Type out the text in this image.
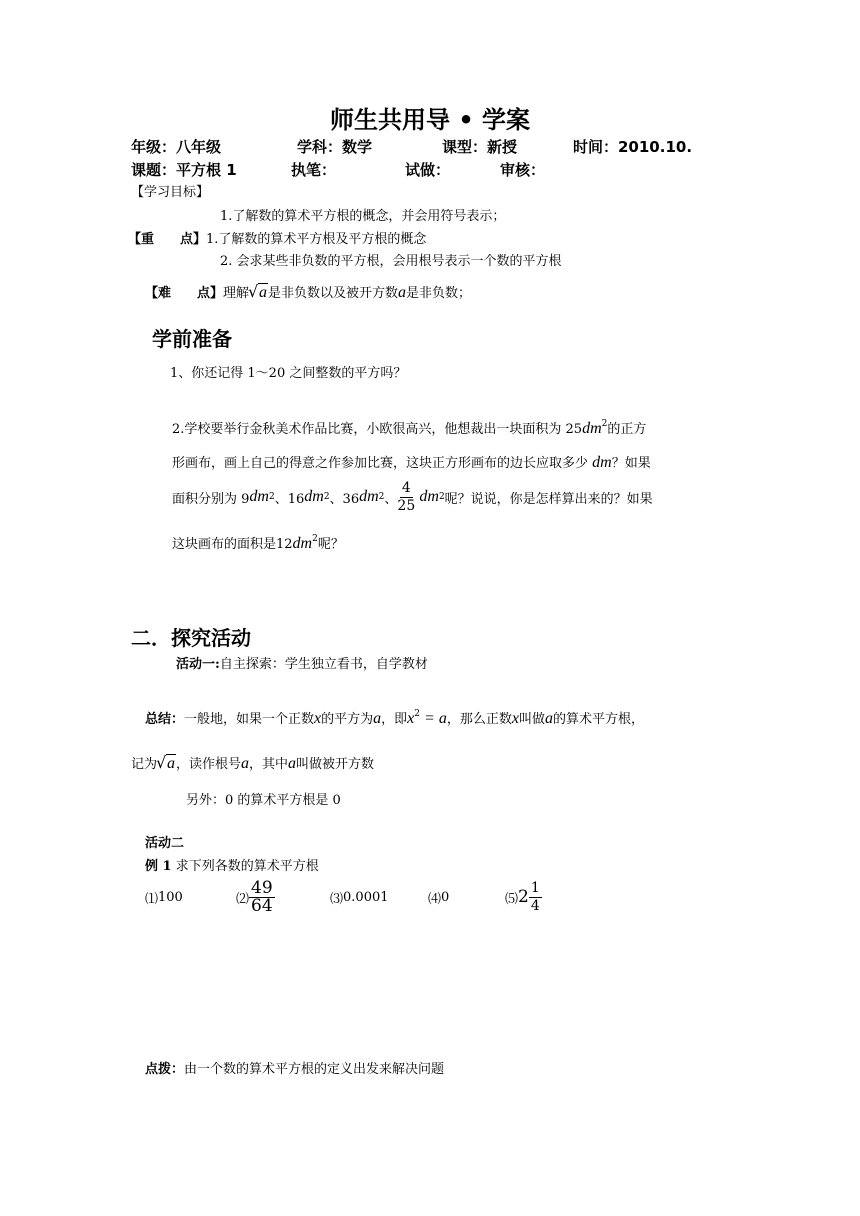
师生共用导 • 学案
年级：八年级	学科：数学	课型：新授	时间：2010.10.
课题：平方根 1	执笔：	试做：	审核：
【学习目标】
1.了解数的算术平方根的概念，并会用符号表示；
【重　　点】1.了解数的算术平方根及平方根的概念
2. 会求某些非负数的平方根，会用根号表示一个数的平方根
【难　　点】理解 √ a是非负数以及被开方数a是非负数；
学前准备
1、你还记得 1～20 之间整数的平方吗？
2.学校要举行金秋美术作品比赛，小欧很高兴，他想裁出一块面积为 $25dm^2$的正方
形画布，画上自己的得意之作参加比赛，这块正方形画布的边长应取多少 dm？如果
面积分别为 9 dm 2 、16 dm 2 、36 dm 2 、 $\frac{4}{25}$
dm 2 呢？说说，你是怎样算出来的？如果
这块画布的面积是$12dm^2$呢？
二．探究活动
活动一:自主探索：学生独立看书，自学教材
总结：一般地，如果一个正数x的平方为a，即$x^2 = a$，那么正数x叫做a的算术平方根，
记为 √ a，读作根号a，其中a叫做被开方数
另外：0 的算术平方根是 0
活动二
例 1 求下列各数的算术平方根
⑴ 100	⑵ $\frac{49}{64}$	⑶ 0.0001	⑷ 0	⑸ $2 \frac{1}{4}$
点拨：由一个数的算术平方根的定义出发来解决问题
